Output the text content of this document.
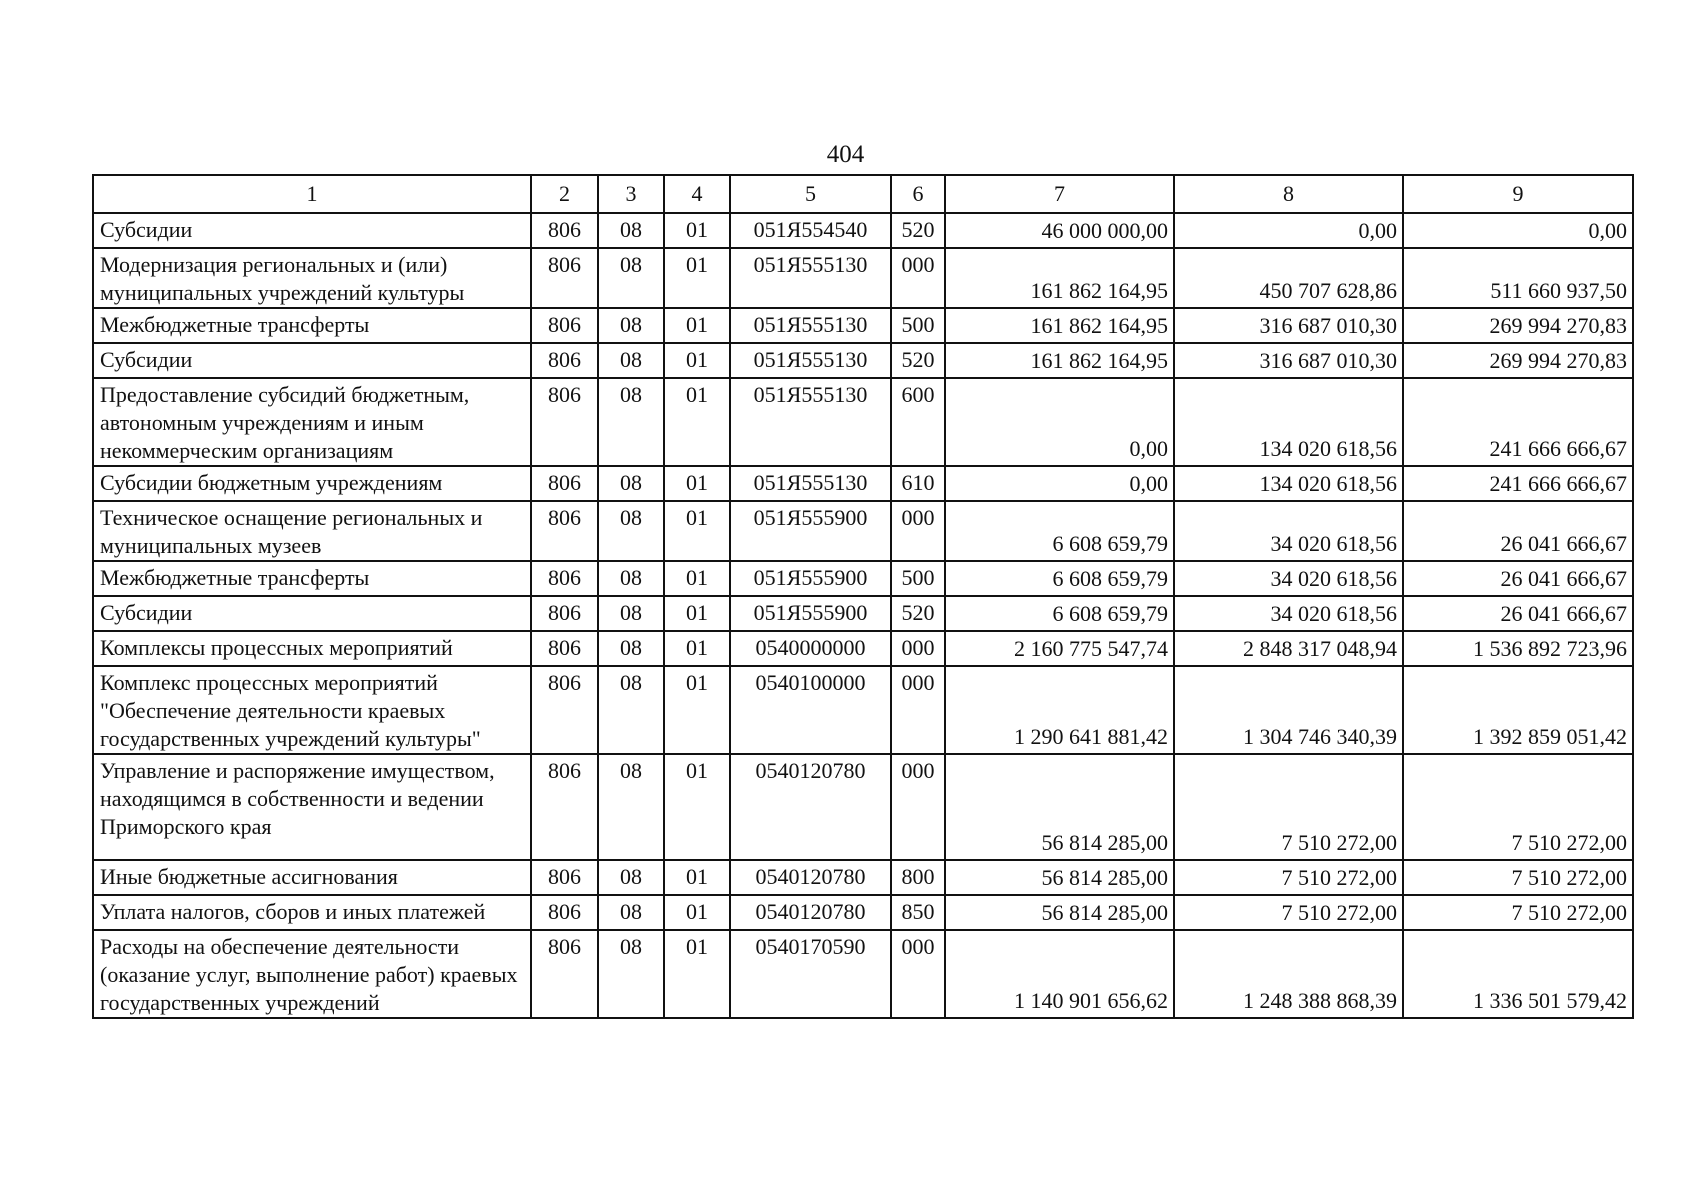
404
1	2	3	4	5	6	7	8	9
Субсидии	806	08	01	051Я554540	520	46 000 000,00	0,00	0,00
Модернизация региональных и (или) муниципальных учреждений культуры	806	08	01	051Я555130	000	161 862 164,95	450 707 628,86	511 660 937,50
Межбюджетные трансферты	806	08	01	051Я555130	500	161 862 164,95	316 687 010,30	269 994 270,83
Субсидии	806	08	01	051Я555130	520	161 862 164,95	316 687 010,30	269 994 270,83
Предоставление субсидий бюджетным, автономным учреждениям и иным некоммерческим организациям	806	08	01	051Я555130	600	0,00	134 020 618,56	241 666 666,67
Субсидии бюджетным учреждениям	806	08	01	051Я555130	610	0,00	134 020 618,56	241 666 666,67
Техническое оснащение региональных и муниципальных музеев	806	08	01	051Я555900	000	6 608 659,79	34 020 618,56	26 041 666,67
Межбюджетные трансферты	806	08	01	051Я555900	500	6 608 659,79	34 020 618,56	26 041 666,67
Субсидии	806	08	01	051Я555900	520	6 608 659,79	34 020 618,56	26 041 666,67
Комплексы процессных мероприятий	806	08	01	0540000000	000	2 160 775 547,74	2 848 317 048,94	1 536 892 723,96
Комплекс процессных мероприятий "Обеспечение деятельности краевых государственных учреждений культуры"	806	08	01	0540100000	000	1 290 641 881,42	1 304 746 340,39	1 392 859 051,42
Управление и распоряжение имуществом, находящимся в собственности и ведении Приморского края	806	08	01	0540120780	000	56 814 285,00	7 510 272,00	7 510 272,00
Иные бюджетные ассигнования	806	08	01	0540120780	800	56 814 285,00	7 510 272,00	7 510 272,00
Уплата налогов, сборов и иных платежей	806	08	01	0540120780	850	56 814 285,00	7 510 272,00	7 510 272,00
Расходы на обеспечение деятельности (оказание услуг, выполнение работ) краевых государственных учреждений	806	08	01	0540170590	000	1 140 901 656,62	1 248 388 868,39	1 336 501 579,42
